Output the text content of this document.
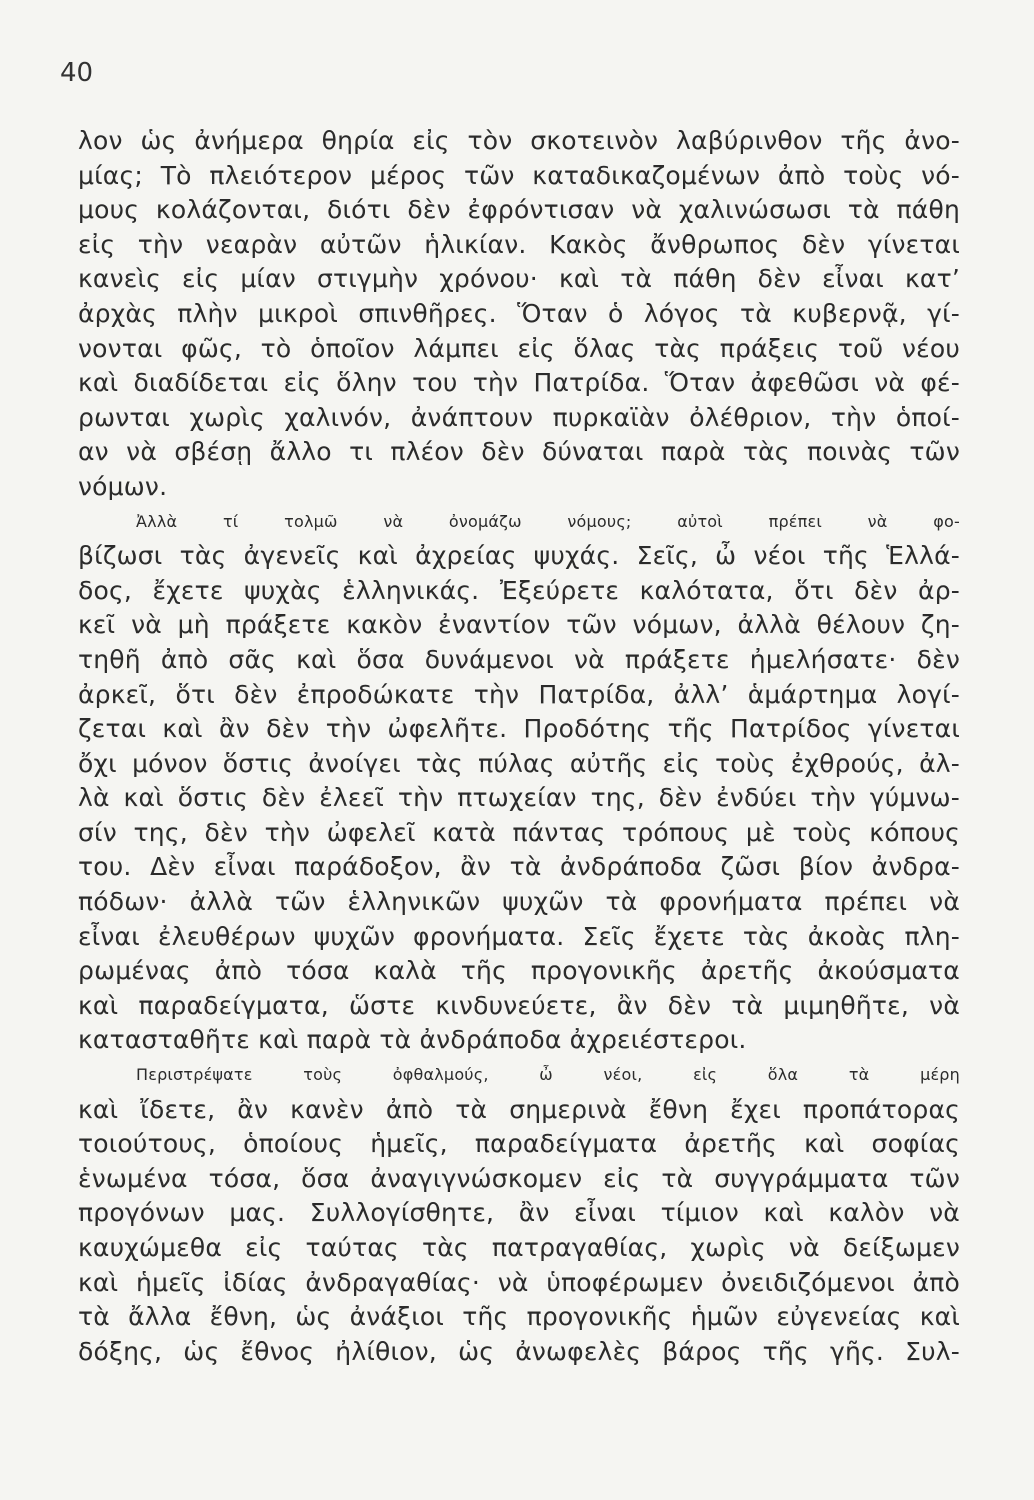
40
λον ὡς ἀνήμερα θηρία εἰς τὸν σκοτεινὸν λαβύρινθον τῆς ἀνο-
μίας; Τὸ πλειότερον μέρος τῶν καταδικαζομένων ἀπὸ τοὺς νό-
μους κολάζονται, διότι δὲν ἐφρόντισαν νὰ χαλινώσωσι τὰ πάθη
εἰς τὴν νεαρὰν αὐτῶν ἡλικίαν. Κακὸς ἄνθρωπος δὲν γίνεται
κανεὶς εἰς μίαν στιγμὴν χρόνου· καὶ τὰ πάθη δὲν εἶναι κατ’
ἀρχὰς πλὴν μικροὶ σπινθῆρες. Ὅταν ὁ λόγος τὰ κυβερνᾷ, γί-
νονται φῶς, τὸ ὁποῖον λάμπει εἰς ὅλας τὰς πράξεις τοῦ νέου
καὶ διαδίδεται εἰς ὅλην του τὴν Πατρίδα. Ὅταν ἀφεθῶσι νὰ φέ-
ρωνται χωρὶς χαλινόν, ἀνάπτουν πυρκαϊὰν ὀλέθριον, τὴν ὁποί-
αν νὰ σβέσῃ ἄλλο τι πλέον δὲν δύναται παρὰ τὰς ποινὰς τῶν
νόμων.
Ἀλλὰ τί τολμῶ νὰ ὀνομάζω νόμους; αὐτοὶ πρέπει νὰ φο-
βίζωσι τὰς ἀγενεῖς καὶ ἀχρείας ψυχάς. Σεῖς, ὦ νέοι τῆς Ἑλλά-
δος, ἔχετε ψυχὰς ἑλληνικάς. Ἐξεύρετε καλότατα, ὅτι δὲν ἀρ-
κεῖ νὰ μὴ πράξετε κακὸν ἐναντίον τῶν νόμων, ἀλλὰ θέλουν ζη-
τηθῆ ἀπὸ σᾶς καὶ ὅσα δυνάμενοι νὰ πράξετε ἠμελήσατε· δὲν
ἀρκεῖ, ὅτι δὲν ἐπροδώκατε τὴν Πατρίδα, ἀλλ’ ἁμάρτημα λογί-
ζεται καὶ ἂν δὲν τὴν ὠφελῆτε. Προδότης τῆς Πατρίδος γίνεται
ὄχι μόνον ὅστις ἀνοίγει τὰς πύλας αὐτῆς εἰς τοὺς ἐχθρούς, ἀλ-
λὰ καὶ ὅστις δὲν ἐλεεῖ τὴν πτωχείαν της, δὲν ἐνδύει τὴν γύμνω-
σίν της, δὲν τὴν ὠφελεῖ κατὰ πάντας τρόπους μὲ τοὺς κόπους
του. Δὲν εἶναι παράδοξον, ἂν τὰ ἀνδράποδα ζῶσι βίον ἀνδρα-
πόδων· ἀλλὰ τῶν ἑλληνικῶν ψυχῶν τὰ φρονήματα πρέπει νὰ
εἶναι ἐλευθέρων ψυχῶν φρονήματα. Σεῖς ἔχετε τὰς ἀκοὰς πλη-
ρωμένας ἀπὸ τόσα καλὰ τῆς προγονικῆς ἀρετῆς ἀκούσματα
καὶ παραδείγματα, ὥστε κινδυνεύετε, ἂν δὲν τὰ μιμηθῆτε, νὰ
κατασταθῆτε καὶ παρὰ τὰ ἀνδράποδα ἀχρειέστεροι.
Περιστρέψατε τοὺς ὀφθαλμούς, ὦ νέοι, εἰς ὅλα τὰ μέρη
καὶ ἴδετε, ἂν κανὲν ἀπὸ τὰ σημερινὰ ἔθνη ἔχει προπάτορας
τοιούτους, ὁποίους ἡμεῖς, παραδείγματα ἀρετῆς καὶ σοφίας
ἑνωμένα τόσα, ὅσα ἀναγιγνώσκομεν εἰς τὰ συγγράμματα τῶν
προγόνων μας. Συλλογίσθητε, ἂν εἶναι τίμιον καὶ καλὸν νὰ
καυχώμεθα εἰς ταύτας τὰς πατραγαθίας, χωρὶς νὰ δείξωμεν
καὶ ἡμεῖς ἰδίας ἀνδραγαθίας· νὰ ὑποφέρωμεν ὀνειδιζόμενοι ἀπὸ
τὰ ἄλλα ἔθνη, ὡς ἀνάξιοι τῆς προγονικῆς ἡμῶν εὐγενείας καὶ
δόξης, ὡς ἔθνος ἠλίθιον, ὡς ἀνωφελὲς βάρος τῆς γῆς. Συλ-
